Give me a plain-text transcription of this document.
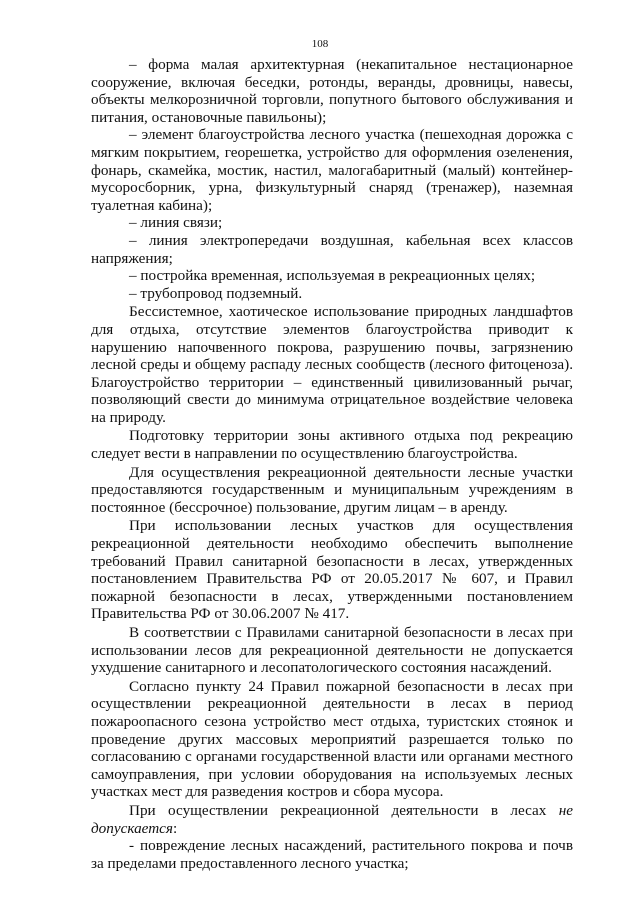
108

– форма малая архитектурная (некапитальное нестационарное сооружение, включая беседки, ротонды, веранды, дровницы, навесы, объекты мелкорозничной торговли, попутного бытового обслуживания и питания, остановочные павильоны);

– элемент благоустройства лесного участка (пешеходная дорожка с мягким покрытием, георешетка, устройство для оформления озеленения, фонарь, скамейка, мостик, настил, малогабаритный (малый) контейнер-мусоросборник, урна, физкультурный снаряд (тренажер), наземная туалетная кабина);

– линия связи;

– линия электропередачи воздушная, кабельная всех классов напряжения;

– постройка временная, используемая в рекреационных целях;

– трубопровод подземный.

Бессистемное, хаотическое использование природных ландшафтов для отдыха, отсутствие элементов благоустройства приводит к нарушению напочвенного покрова, разрушению почвы, загрязнению лесной среды и общему распаду лесных сообществ (лесного фитоценоза). Благоустройство территории – единственный цивилизованный рычаг, позволяющий свести до минимума отрицательное воздействие человека на природу.

Подготовку территории зоны активного отдыха под рекреацию следует вести в направлении по осуществлению благоустройства.

Для осуществления рекреационной деятельности лесные участки предоставляются государственным и муниципальным учреждениям в постоянное (бессрочное) пользование, другим лицам – в аренду.

При использовании лесных участков для осуществления рекреационной деятельности необходимо обеспечить выполнение требований Правил санитарной безопасности в лесах, утвержденных постановлением Правительства РФ от 20.05.2017 № 607, и Правил пожарной безопасности в лесах, утвержденными постановлением Правительства РФ от 30.06.2007 № 417.

В соответствии с Правилами санитарной безопасности в лесах при использовании лесов для рекреационной деятельности не допускается ухудшение санитарного и лесопатологического состояния насаждений.

Согласно пункту 24 Правил пожарной безопасности в лесах при осуществлении рекреационной деятельности в лесах в период пожароопасного сезона устройство мест отдыха, туристских стоянок и проведение других массовых мероприятий разрешается только по согласованию с органами государственной власти или органами местного самоуправления, при условии оборудования на используемых лесных участках мест для разведения костров и сбора мусора.

При осуществлении рекреационной деятельности в лесах не допускается:

- повреждение лесных насаждений, растительного покрова и почв за пределами предоставленного лесного участка;
